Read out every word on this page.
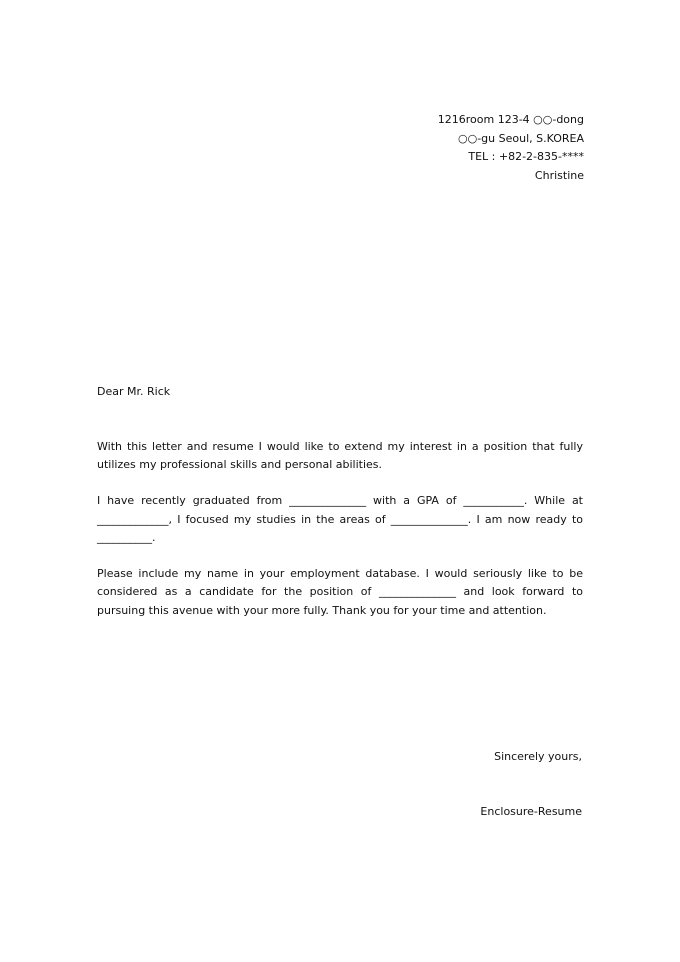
1216room 123-4 ○○-dong
○○-gu Seoul, S.KOREA
TEL : +82-2-835-****
Christine
Dear Mr. Rick

With this letter and resume I would like to extend my interest in a position that fully utilizes my professional skills and personal abilities.

I have recently graduated from ______________ with a GPA of ___________. While at _____________, I focused my studies in the areas of ______________. I am now ready to __________.

Please include my name in your employment database. I would seriously like to be considered as a candidate for the position of ______________ and look forward to pursuing this avenue with your more fully. Thank you for your time and attention.

Sincerely yours,
Enclosure-Resume
